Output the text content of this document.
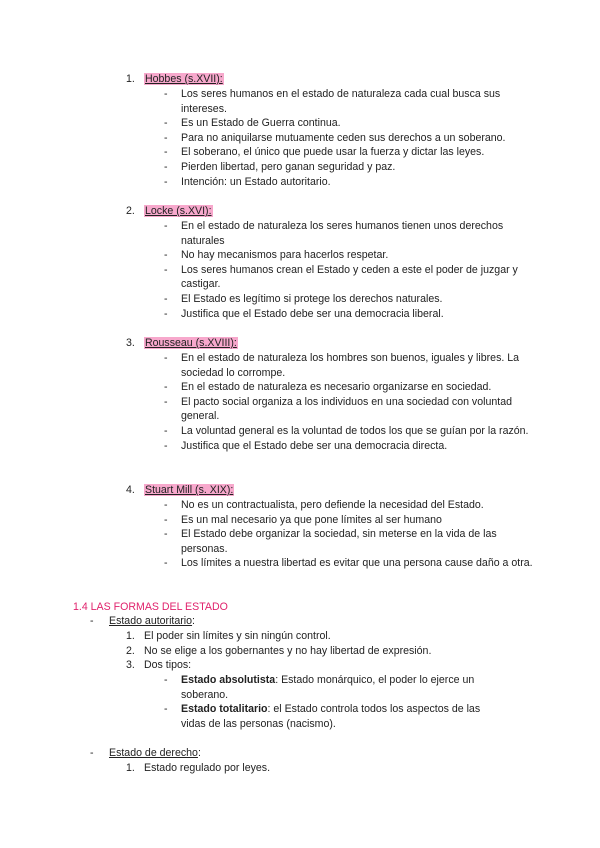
1. Hobbes (s.XVII):
- Los seres humanos en el estado de naturaleza cada cual busca sus intereses.
- Es un Estado de Guerra continua.
- Para no aniquilarse mutuamente ceden sus derechos a un soberano.
- El soberano, el único que puede usar la fuerza y dictar las leyes.
- Pierden libertad, pero ganan seguridad y paz.
- Intención: un Estado autoritario.
2. Locke (s.XVI):
- En el estado de naturaleza los seres humanos tienen unos derechos naturales
- No hay mecanismos para hacerlos respetar.
- Los seres humanos crean el Estado y ceden a este el poder de juzgar y castigar.
- El Estado es legítimo si protege los derechos naturales.
- Justifica que el Estado debe ser una democracia liberal.
3. Rousseau (s.XVIII):
- En el estado de naturaleza los hombres son buenos, iguales y libres. La sociedad lo corrompe.
- En el estado de naturaleza es necesario organizarse en sociedad.
- El pacto social organiza a los individuos en una sociedad con voluntad general.
- La voluntad general es la voluntad de todos los que se guían por la razón.
- Justifica que el Estado debe ser una democracia directa.
4. Stuart Mill (s. XIX):
- No es un contractualista, pero defiende la necesidad del Estado.
- Es un mal necesario ya que pone límites al ser humano
- El Estado debe organizar la sociedad, sin meterse en la vida de las personas.
- Los límites a nuestra libertad es evitar que una persona cause daño a otra.
1.4 LAS FORMAS DEL ESTADO
- Estado autoritario:
1. El poder sin límites y sin ningún control.
2. No se elige a los gobernantes y no hay libertad de expresión.
3. Dos tipos:
- Estado absolutista: Estado monárquico, el poder lo ejerce un soberano.
- Estado totalitario: el Estado controla todos los aspectos de las vidas de las personas (nacismo).
- Estado de derecho:
1. Estado regulado por leyes.
